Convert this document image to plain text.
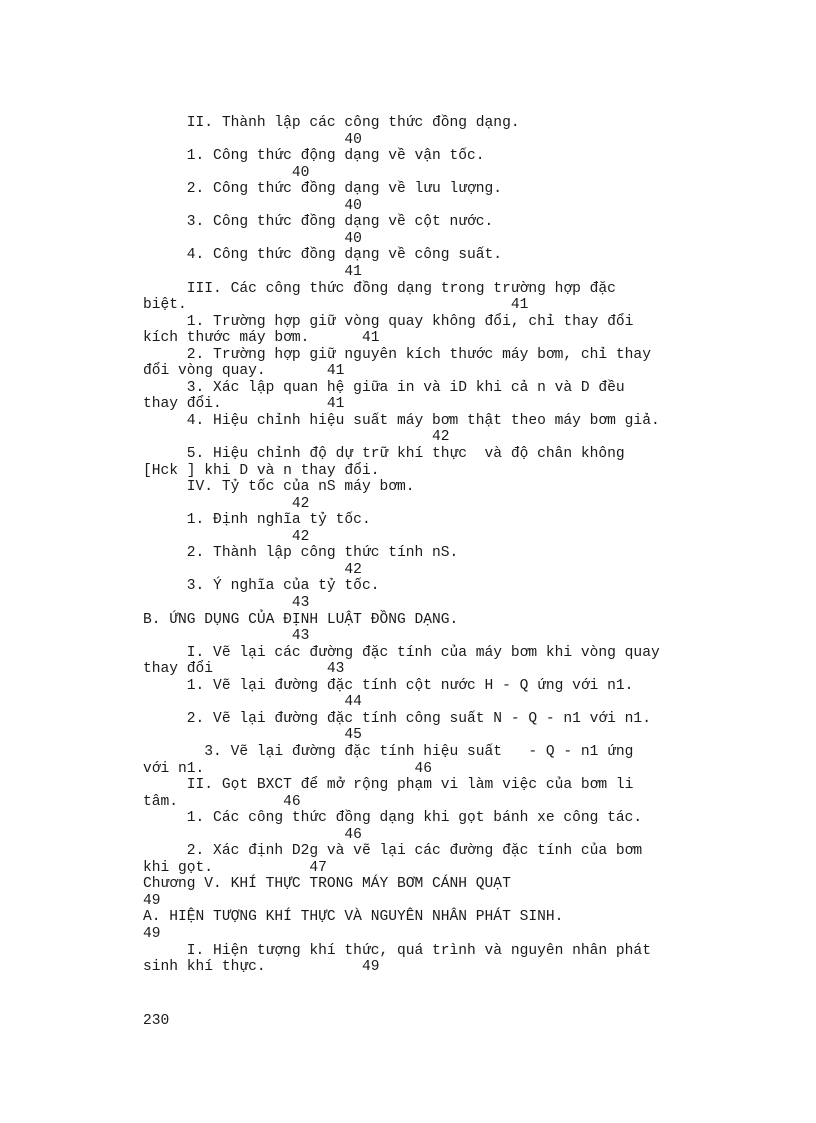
II. Thành lập các công thức đồng dạng.
40
1. Công thức động dạng về vận tốc.
40
2. Công thức đồng dạng về lưu lượng.
40
3. Công thức đồng dạng về cột nước.
40
4. Công thức đồng dạng về công suất.
41
III. Các công thức đồng dạng trong trường hợp đặc
biệt.                                     41
1. Trường hợp giữ vòng quay không đổi, chỉ thay đổi
kích thước máy bơm.      41
2. Trường hợp giữ nguyên kích thước máy bơm, chỉ thay
đổi vòng quay.       41
3. Xác lập quan hệ giữa in và iD khi cả n và D đều
thay đổi.            41
4. Hiệu chỉnh hiệu suất máy bơm thật theo máy bơm giả.
42
5. Hiệu chỉnh độ dự trữ khí thực  và độ chân không
[Hck ] khi D và n thay đổi.
IV. Tỷ tốc của nS máy bơm.
42
1. Định nghĩa tỷ tốc.
42
2. Thành lập công thức tính nS.
42
3. Ý nghĩa của tỷ tốc.
43
B. ỨNG DỤNG CỦA ĐỊNH LUẬT ĐỒNG DẠNG.
43
I. Vẽ lại các đường đặc tính của máy bơm khi vòng quay
thay đổi             43
1. Vẽ lại đường đặc tính cột nước H - Q ứng với n1.
44
2. Vẽ lại đường đặc tính công suất N - Q - n1 với n1.
45
3. Vẽ lại đường đặc tính hiệu suất   - Q - n1 ứng
với n1.                        46
II. Gọt BXCT để mở rộng phạm vi làm việc của bơm li
tâm.            46
1. Các công thức đồng dạng khi gọt bánh xe công tác.
46
2. Xác định D2g và vẽ lại các đường đặc tính của bơm
khi gọt.           47
Chương V. KHÍ THỰC TRONG MÁY BƠM CÁNH QUẠT
49
A. HIỆN TƯỢNG KHÍ THỰC VÀ NGUYÊN NHÂN PHÁT SINH.
49
I. Hiện tượng khí thức, quá trình và nguyên nhân phát
sinh khí thực.           49
230
